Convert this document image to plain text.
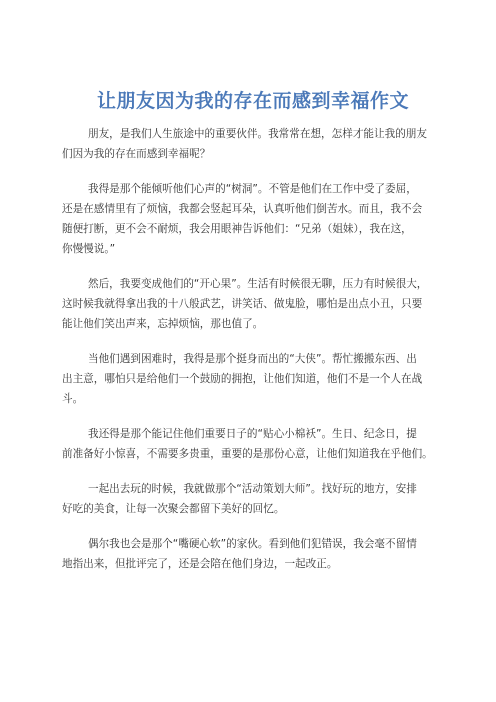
让朋友因为我的存在而感到幸福作文
朋友，是我们人生旅途中的重要伙伴。我常常在想，怎样才能让我的朋友
们因为我的存在而感到幸福呢？
我得是那个能倾听他们心声的“树洞”。不管是他们在工作中受了委屈，
还是在感情里有了烦恼，我都会竖起耳朵，认真听他们倒苦水。而且，我不会
随便打断，更不会不耐烦，我会用眼神告诉他们：“兄弟（姐妹），我在这，
你慢慢说。”
然后，我要变成他们的“开心果”。生活有时候很无聊，压力有时候很大，
这时候我就得拿出我的十八般武艺，讲笑话、做鬼脸，哪怕是出点小丑，只要
能让他们笑出声来，忘掉烦恼，那也值了。
当他们遇到困难时，我得是那个挺身而出的“大侠”。帮忙搬搬东西、出
出主意，哪怕只是给他们一个鼓励的拥抱，让他们知道，他们不是一个人在战
斗。
我还得是那个能记住他们重要日子的“贴心小棉袄”。生日、纪念日，提
前准备好小惊喜，不需要多贵重，重要的是那份心意，让他们知道我在乎他们。
一起出去玩的时候，我就做那个“活动策划大师”。找好玩的地方，安排
好吃的美食，让每一次聚会都留下美好的回忆。
偶尔我也会是那个“嘴硬心软”的家伙。看到他们犯错误，我会毫不留情
地指出来，但批评完了，还是会陪在他们身边，一起改正。
